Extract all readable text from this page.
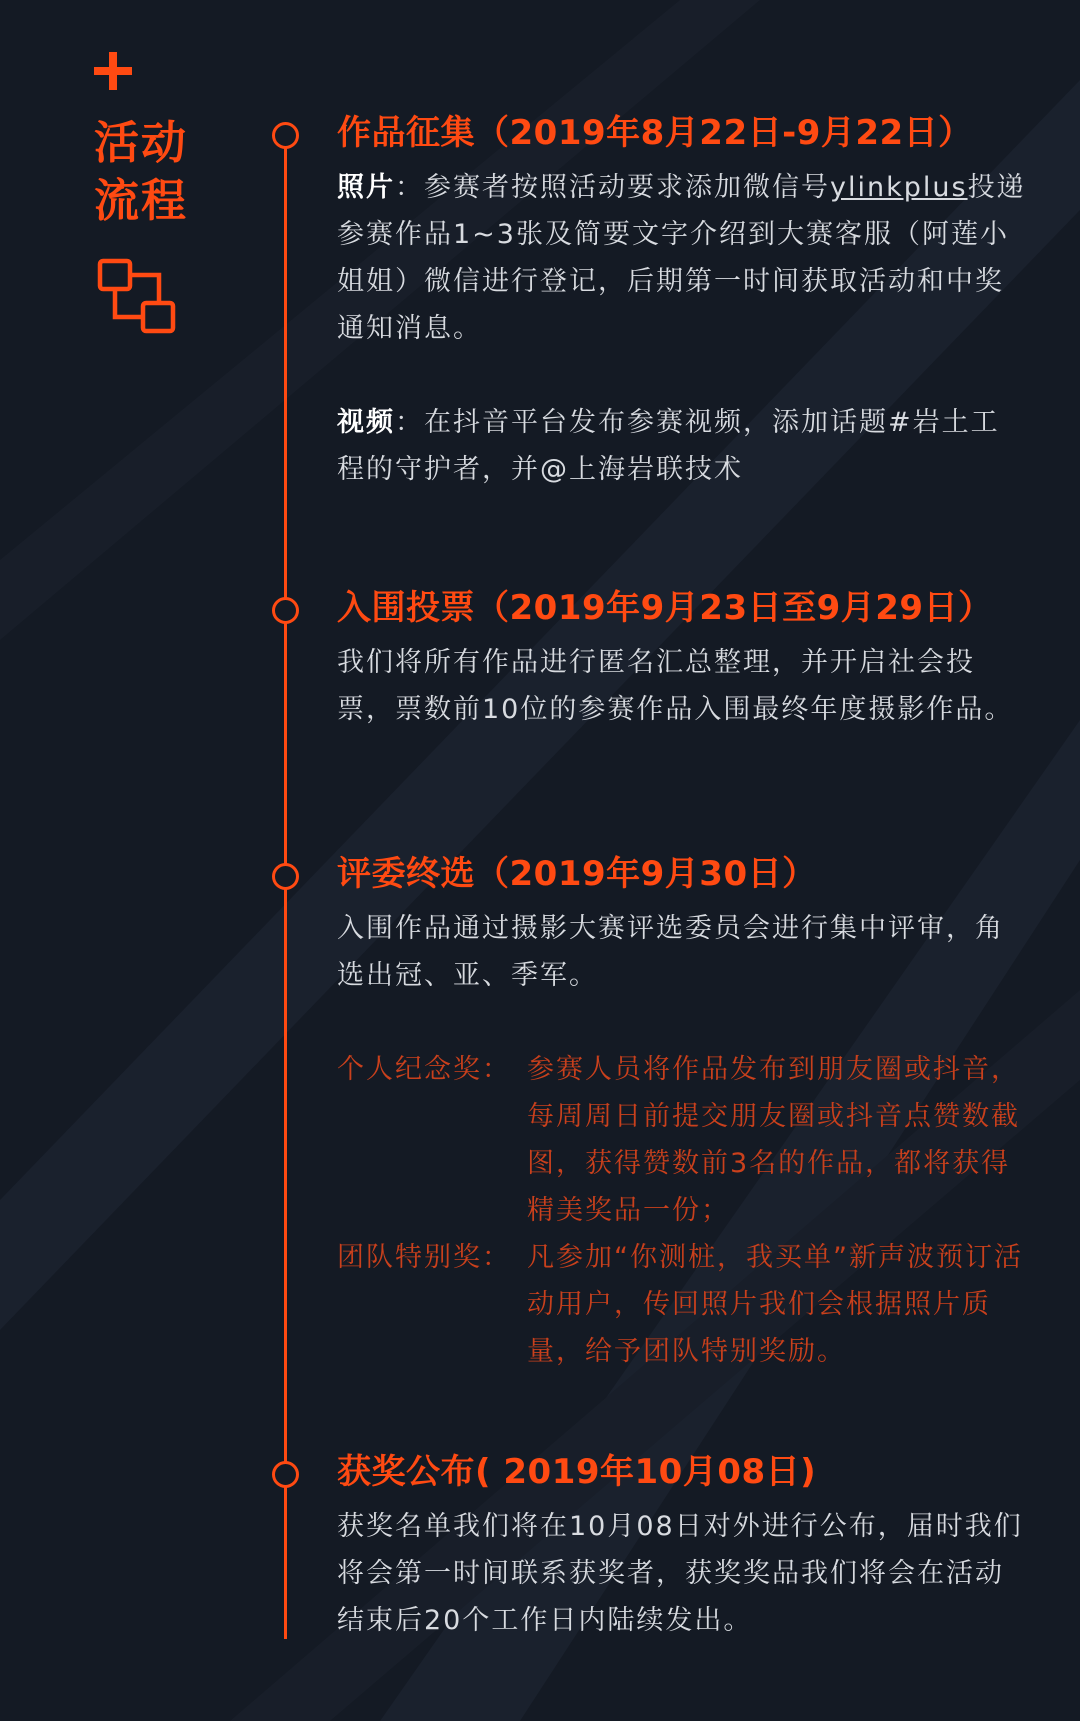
活动
流程
作品征集（2019年8月22日-9月22日）
照片：参赛者按照活动要求添加微信号ylinkplus投递参赛作品1~3张及简要文字介绍到大赛客服（阿莲小姐姐）微信进行登记，后期第一时间获取活动和中奖通知消息。
视频：在抖音平台发布参赛视频，添加话题#岩土工程的守护者，并@上海岩联技术
入围投票（2019年9月23日至9月29日）
我们将所有作品进行匿名汇总整理，并开启社会投票，票数前10位的参赛作品入围最终年度摄影作品。
评委终选（2019年9月30日）
入围作品通过摄影大赛评选委员会进行集中评审，角选出冠、亚、季军。
个人纪念奖： 参赛人员将作品发布到朋友圈或抖音，每周周日前提交朋友圈或抖音点赞数截图，获得赞数前3名的作品，都将获得精美奖品一份；
团队特别奖： 凡参加“你测桩，我买单”新声波预订活动用户，传回照片我们会根据照片质量，给予团队特别奖励。
获奖公布( 2019年10月08日)
获奖名单我们将在10月08日对外进行公布，届时我们将会第一时间联系获奖者，获奖奖品我们将会在活动结束后20个工作日内陆续发出。
